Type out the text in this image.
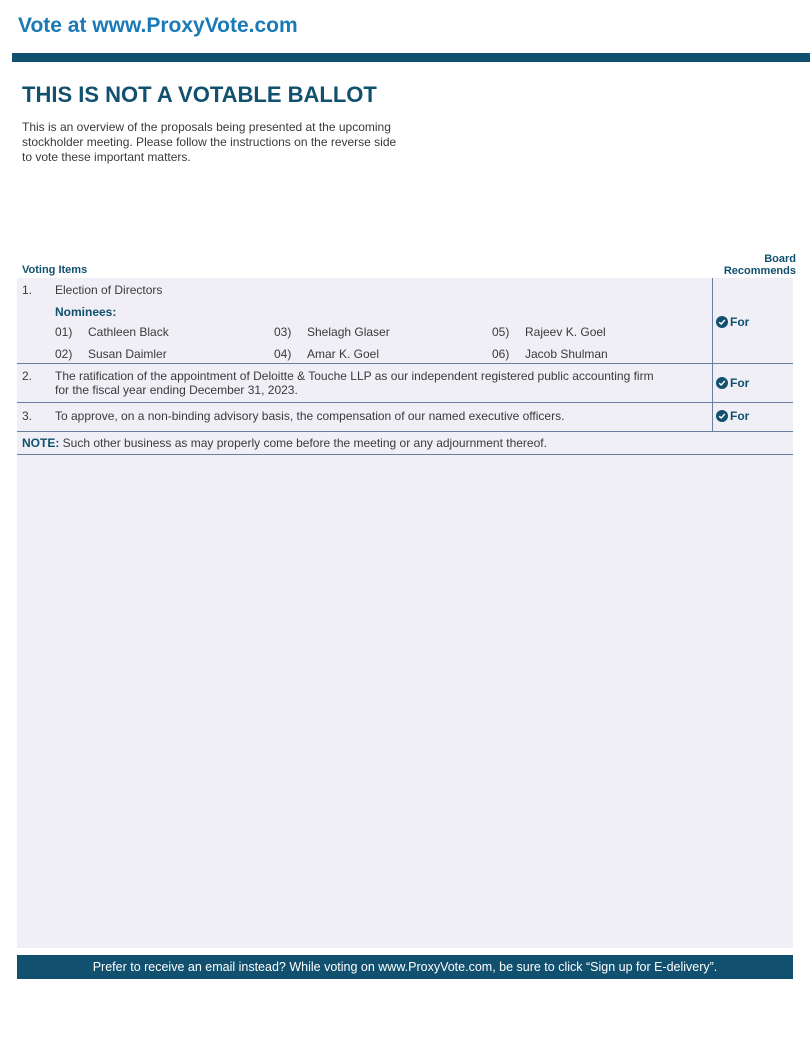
Vote at www.ProxyVote.com
THIS IS NOT A VOTABLE BALLOT
This is an overview of the proposals being presented at the upcoming stockholder meeting. Please follow the instructions on the reverse side to vote these important matters.
Voting Items
Board
Recommends
1. Election of Directors
Nominees:
01) Cathleen Black
02) Susan Daimler
03) Shelagh Glaser
04) Amar K. Goel
05) Rajeev K. Goel
06) Jacob Shulman
For
2. The ratification of the appointment of Deloitte & Touche LLP as our independent registered public accounting firm
for the fiscal year ending December 31, 2023.	For
3. To approve, on a non-binding advisory basis, the compensation of our named executive officers.	For
NOTE: Such other business as may properly come before the meeting or any adjournment thereof.
Prefer to receive an email instead? While voting on www.ProxyVote.com, be sure to click “Sign up for E-delivery”.
